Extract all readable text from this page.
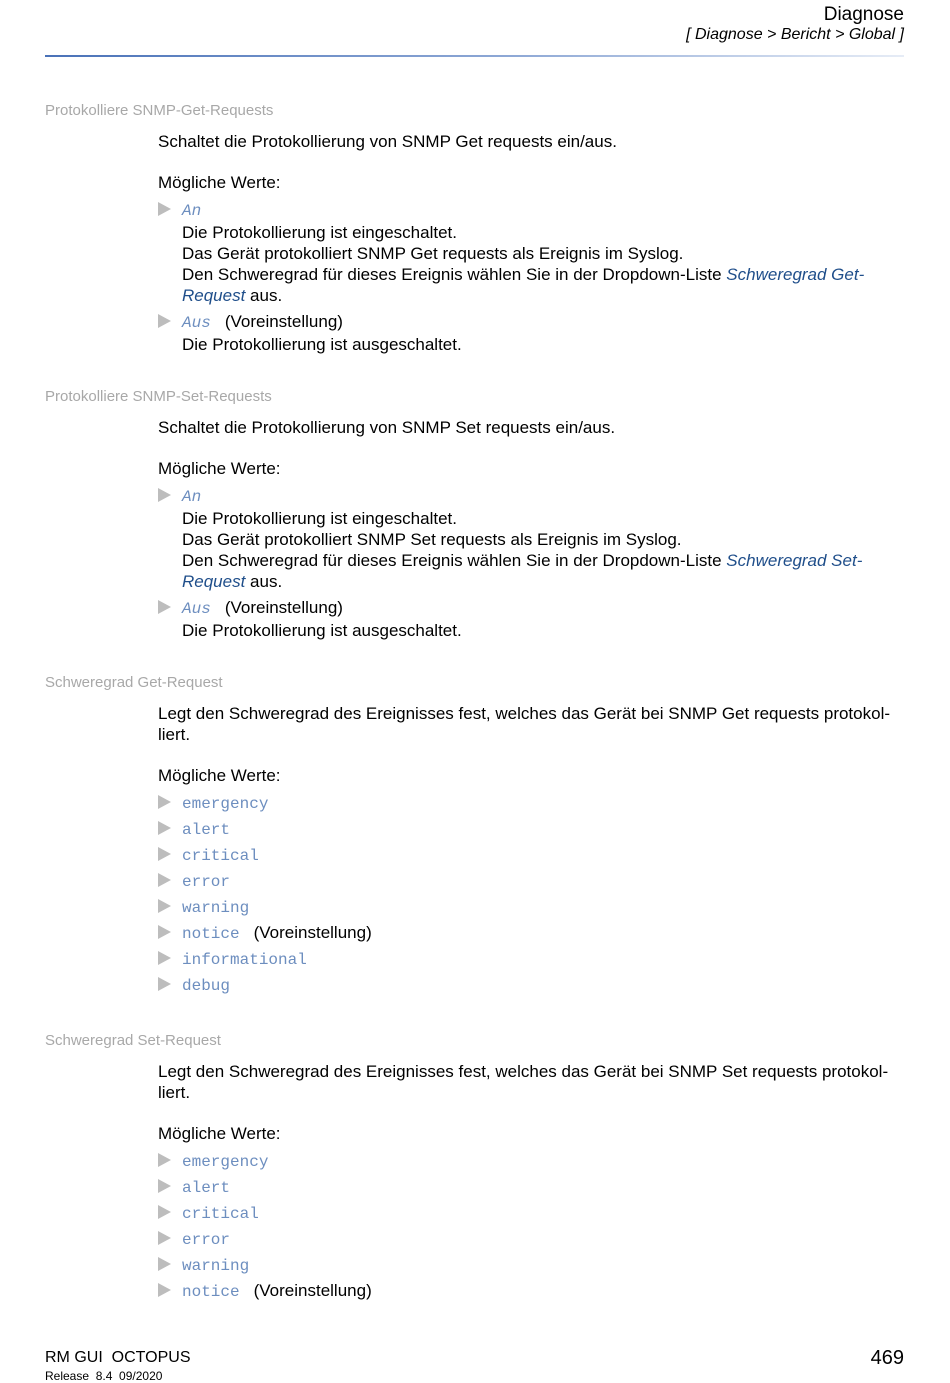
Diagnose
[ Diagnose > Bericht > Global ]
Protokolliere SNMP-Get-Requests

Schaltet die Protokollierung von SNMP Get requests ein/aus.

Mögliche Werte:

An
Die Protokollierung ist eingeschaltet.
Das Gerät protokolliert SNMP Get requests als Ereignis im Syslog.
Den Schweregrad für dieses Ereignis wählen Sie in der Dropdown-Liste Schweregrad Get-
Request aus.
Aus (Voreinstellung)
Die Protokollierung ist ausgeschaltet.
Protokolliere SNMP-Set-Requests

Schaltet die Protokollierung von SNMP Set requests ein/aus.

Mögliche Werte:

An
Die Protokollierung ist eingeschaltet.
Das Gerät protokolliert SNMP Set requests als Ereignis im Syslog.
Den Schweregrad für dieses Ereignis wählen Sie in der Dropdown-Liste Schweregrad Set-
Request aus.
Aus (Voreinstellung)
Die Protokollierung ist ausgeschaltet.
Schweregrad Get-Request

Legt den Schweregrad des Ereignisses fest, welches das Gerät bei SNMP Get requests protokol-
liert.

Mögliche Werte:

emergency
alert
critical
error
warning
notice (Voreinstellung)
informational
debug
Schweregrad Set-Request

Legt den Schweregrad des Ereignisses fest, welches das Gerät bei SNMP Set requests protokol-
liert.

Mögliche Werte:

emergency
alert
critical
error
warning
notice (Voreinstellung)
RM GUI  OCTOPUS
Release  8.4  09/2020
469
